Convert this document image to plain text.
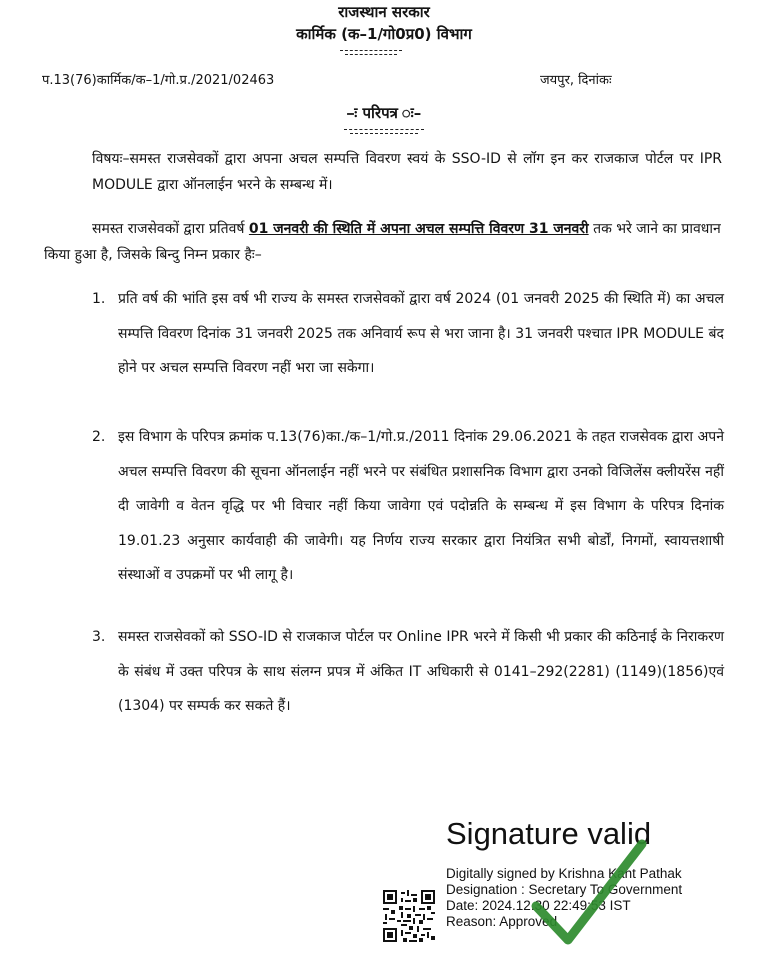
राजस्थान सरकार
कार्मिक (क–1/गो0प्र0) विभाग
प.13(76)कार्मिक/क–1/गो.प्र./2021/02463	जयपुर, दिनांकः
–ः परिपत्र ः–
विषयः–समस्त राजसेवकों द्वारा अपना अचल सम्पत्ति विवरण स्वयं के SSO-ID से लॉग इन कर राजकाज पोर्टल पर IPR MODULE द्वारा ऑनलाईन भरने के सम्बन्ध में।
समस्त राजसेवकों द्वारा प्रतिवर्ष 01 जनवरी की स्थिति में अपना अचल सम्पत्ति विवरण 31 जनवरी तक भरे जाने का प्रावधान किया हुआ है, जिसके बिन्दु निम्न प्रकार हैः–
1. प्रति वर्ष की भांति इस वर्ष भी राज्य के समस्त राजसेवकों द्वारा वर्ष 2024 (01 जनवरी 2025 की स्थिति में) का अचल सम्पत्ति विवरण दिनांक 31 जनवरी 2025 तक अनिवार्य रूप से भरा जाना है। 31 जनवरी पश्चात IPR MODULE बंद होने पर अचल सम्पत्ति विवरण नहीं भरा जा सकेगा।
2. इस विभाग के परिपत्र क्रमांक प.13(76)का./क–1/गो.प्र./2011 दिनांक 29.06.2021 के तहत राजसेवक द्वारा अपने अचल सम्पत्ति विवरण की सूचना ऑनलाईन नहीं भरने पर संबंधित प्रशासनिक विभाग द्वारा उनको विजिलेंस क्लीयरेंस नहीं दी जावेगी व वेतन वृद्धि पर भी विचार नहीं किया जावेगा एवं पदोन्नति के सम्बन्ध में इस विभाग के परिपत्र दिनांक 19.01.23 अनुसार कार्यवाही की जावेगी। यह निर्णय राज्य सरकार द्वारा नियंत्रित सभी बोर्डों, निगमों, स्वायत्तशाषी संस्थाओं व उपक्रमों पर भी लागू है।
3. समस्त राजसेवकों को SSO-ID से राजकाज पोर्टल पर Online IPR भरने में किसी भी प्रकार की कठिनाई के निराकरण के संबंध में उक्त परिपत्र के साथ संलग्न प्रपत्र में अंकित IT अधिकारी से 0141–292(2281) (1149)(1856)एवं (1304) पर सम्पर्क कर सकते हैं।
Signature valid
Digitally signed by Krishna Kant Pathak
Designation : Secretary To Government
Date: 2024.12.30 22:49:53 IST
Reason: Approved
